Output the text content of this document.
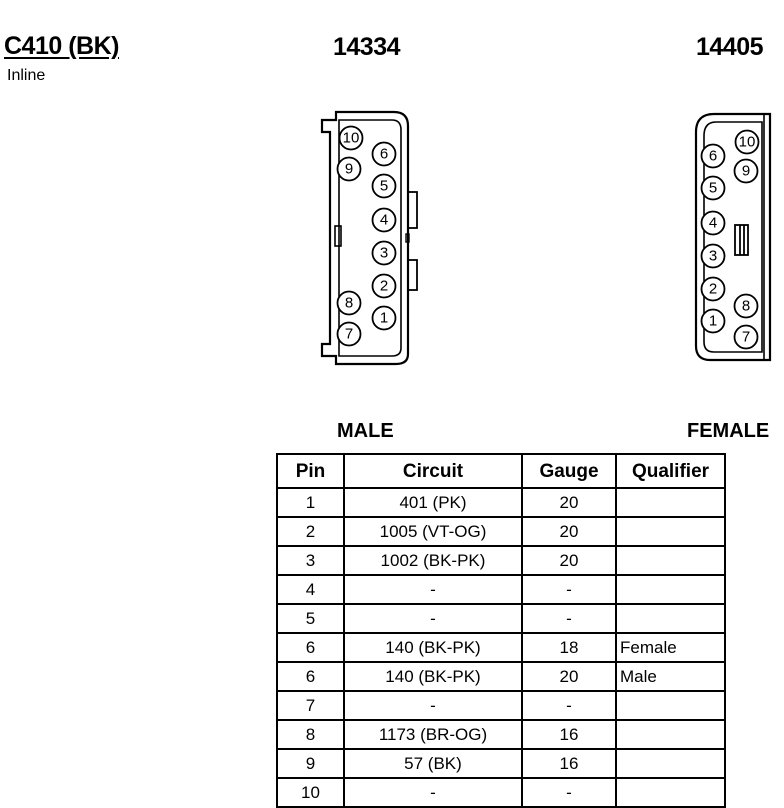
C410 (BK)
Inline
14334	14405
10
9
6
5
4
3
2
8
1
7
10
6
9
5
4
3
2
8
1
7
MALE	FEMALE
Pin	Circuit	Gauge	Qualifier
1	401 (PK)	20	
2	1005 (VT-OG)	20	
3	1002 (BK-PK)	20	
4	-	-	
5	-	-	
6	140 (BK-PK)	18	Female
6	140 (BK-PK)	20	Male
7	-	-	
8	1173 (BR-OG)	16	
9	57 (BK)	16	
10	-	-	
